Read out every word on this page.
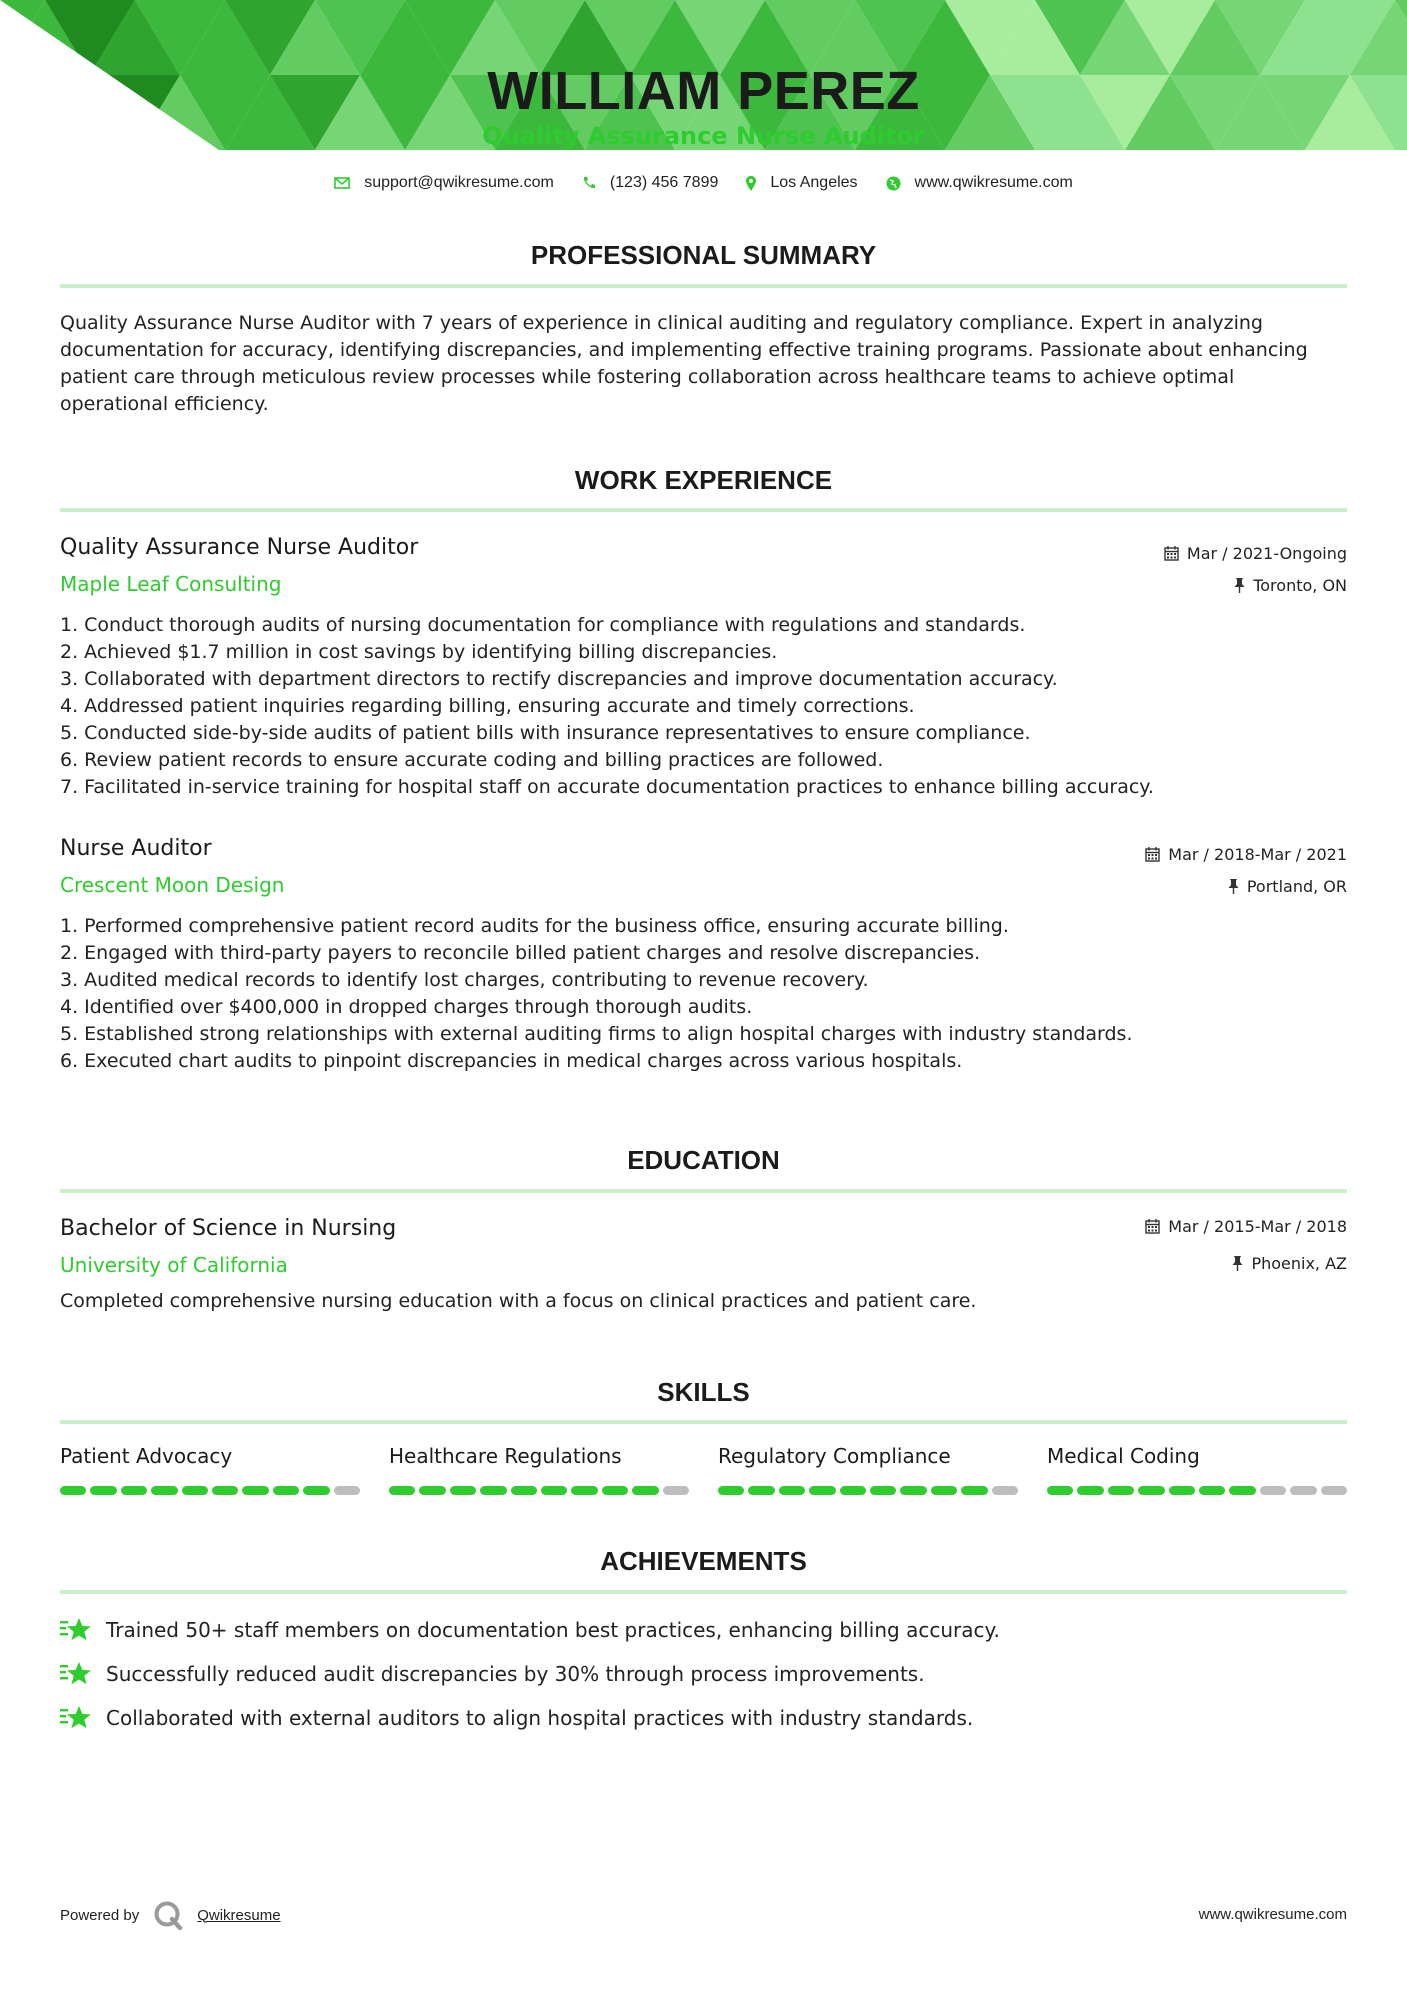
WILLIAM PEREZ
Quality Assurance Nurse Auditor
support@qwikresume.com	(123) 456 7899	Los Angeles	www.qwikresume.com
PROFESSIONAL SUMMARY
Quality Assurance Nurse Auditor with 7 years of experience in clinical auditing and regulatory compliance. Expert in analyzing documentation for accuracy, identifying discrepancies, and implementing effective training programs. Passionate about enhancing patient care through meticulous review processes while fostering collaboration across healthcare teams to achieve optimal operational efficiency.
WORK EXPERIENCE
Quality Assurance Nurse Auditor	Mar / 2021-Ongoing
Maple Leaf Consulting	Toronto, ON
1. Conduct thorough audits of nursing documentation for compliance with regulations and standards.
2. Achieved $1.7 million in cost savings by identifying billing discrepancies.
3. Collaborated with department directors to rectify discrepancies and improve documentation accuracy.
4. Addressed patient inquiries regarding billing, ensuring accurate and timely corrections.
5. Conducted side-by-side audits of patient bills with insurance representatives to ensure compliance.
6. Review patient records to ensure accurate coding and billing practices are followed.
7. Facilitated in-service training for hospital staff on accurate documentation practices to enhance billing accuracy.
Nurse Auditor	Mar / 2018-Mar / 2021
Crescent Moon Design	Portland, OR
1. Performed comprehensive patient record audits for the business office, ensuring accurate billing.
2. Engaged with third-party payers to reconcile billed patient charges and resolve discrepancies.
3. Audited medical records to identify lost charges, contributing to revenue recovery.
4. Identified over $400,000 in dropped charges through thorough audits.
5. Established strong relationships with external auditing firms to align hospital charges with industry standards.
6. Executed chart audits to pinpoint discrepancies in medical charges across various hospitals.
EDUCATION
Bachelor of Science in Nursing	Mar / 2015-Mar / 2018
University of California	Phoenix, AZ
Completed comprehensive nursing education with a focus on clinical practices and patient care.
SKILLS
Patient Advocacy	Healthcare Regulations	Regulatory Compliance	Medical Coding
ACHIEVEMENTS
Trained 50+ staff members on documentation best practices, enhancing billing accuracy.
Successfully reduced audit discrepancies by 30% through process improvements.
Collaborated with external auditors to align hospital practices with industry standards.
Powered by	Qwikresume	www.qwikresume.com
